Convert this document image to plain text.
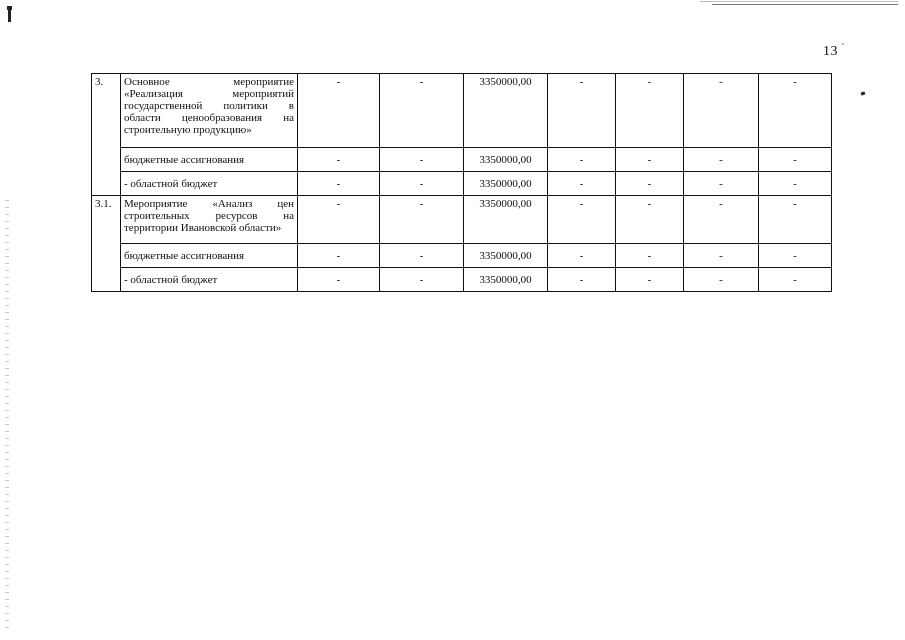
13 $^ˊ$
3.	Основное мероприятие «Реализация мероприятий государственной политики в области ценообразования на строительную продукцию»	-	-	3350000,00	-	-	-	-
	бюджетные ассигнования	-	-	3350000,00	-	-	-	-
	- областной бюджет	-	-	3350000,00	-	-	-	-
3.1.	Мероприятие «Анализ цен строительных ресурсов на территории Ивановской области»	-	-	3350000,00	-	-	-	-
	бюджетные ассигнования	-	-	3350000,00	-	-	-	-
	- областной бюджет	-	-	3350000,00	-	-	-	-
